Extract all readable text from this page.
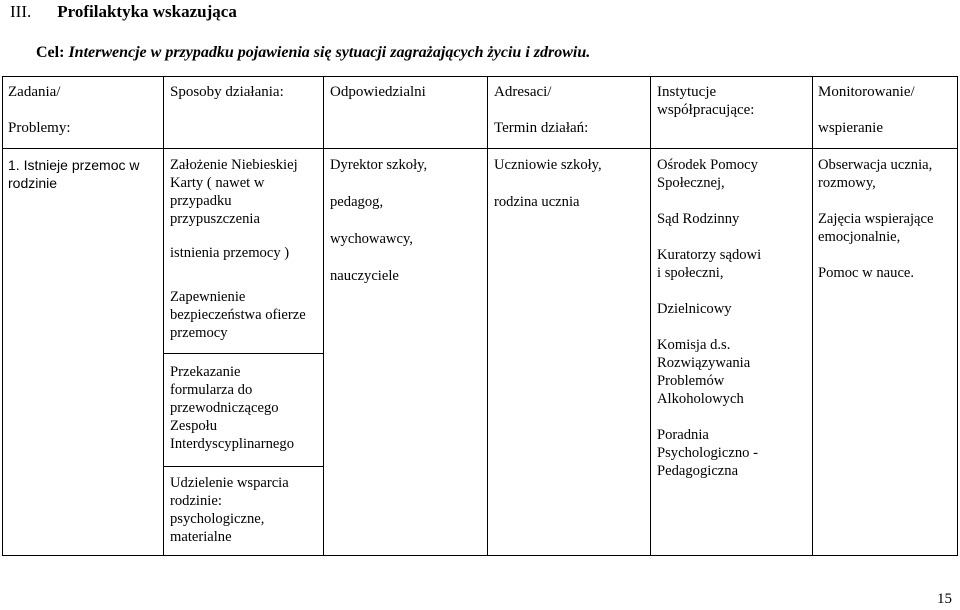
III. Profilaktyka wskazująca
Cel: Interwencje w przypadku pojawienia się sytuacji zagrażających życiu i zdrowiu.
Zadania/
Problemy:
Sposoby działania:	Odpowiedzialni	Adresaci/
Termin działań:
Instytucje
współpracujące:
Monitorowanie/
wspieranie
1. Istnieje przemoc w
rodzinie
Założenie Niebieskiej
Karty ( nawet w
przypadku
przypuszczenia
istnienia przemocy )
Zapewnienie
bezpieczeństwa ofierze
przemocy
Przekazanie
formularza do
przewodniczącego
Zespołu
Interdyscyplinarnego
Udzielenie wsparcia
rodzinie:
psychologiczne,
materialne
Dyrektor szkoły,
pedagog,
wychowawcy,
nauczyciele
Uczniowie szkoły,
rodzina ucznia
Ośrodek Pomocy
Społecznej,
Sąd Rodzinny
Kuratorzy sądowi
i społeczni,
Dzielnicowy
Komisja d.s.
Rozwiązywania
Problemów
Alkoholowych
Poradnia
Psychologiczno -
Pedagogiczna
Obserwacja ucznia,
rozmowy,
Zajęcia wspierające
emocjonalnie,
Pomoc w nauce.
15
